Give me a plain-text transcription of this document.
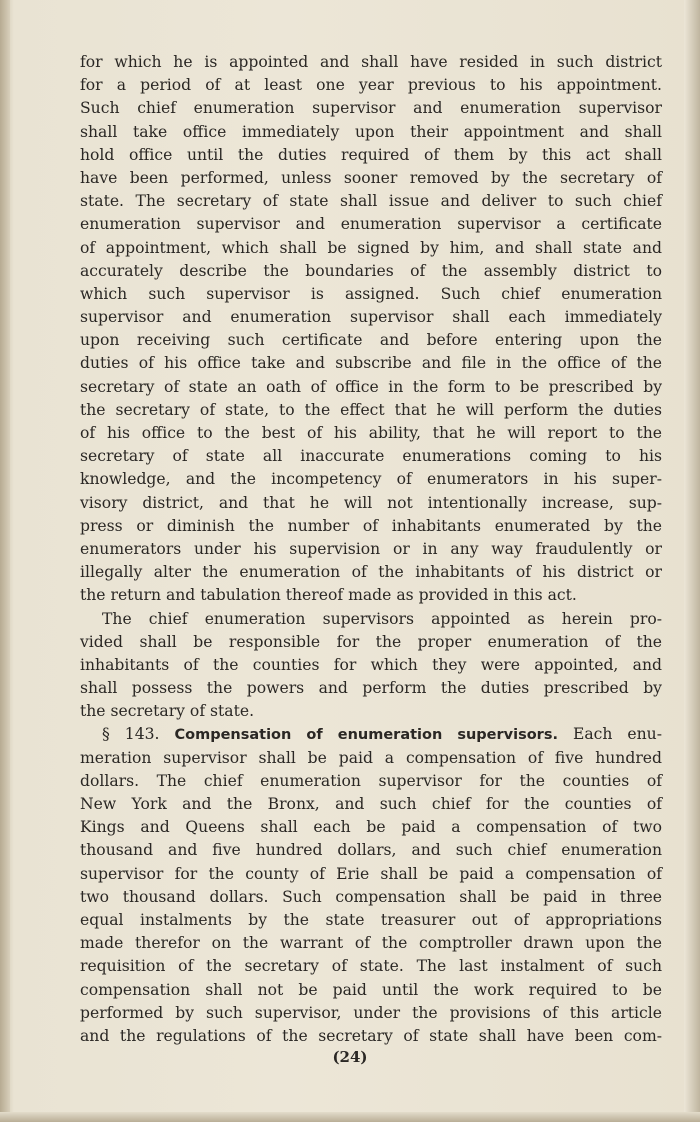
for which he is appointed and shall have resided in such district
for a period of at least one year previous to his appointment.
Such chief enumeration supervisor and enumeration supervisor
shall take office immediately upon their appointment and shall
hold office until the duties required of them by this act shall
have been performed, unless sooner removed by the secretary of
state. The secretary of state shall issue and deliver to such chief
enumeration supervisor and enumeration supervisor a certificate
of appointment, which shall be signed by him, and shall state and
accurately describe the boundaries of the assembly district to
which such supervisor is assigned. Such chief enumeration
supervisor and enumeration supervisor shall each immediately
upon receiving such certificate and before entering upon the
duties of his office take and subscribe and file in the office of the
secretary of state an oath of office in the form to be prescribed by
the secretary of state, to the effect that he will perform the duties
of his office to the best of his ability, that he will report to the
secretary of state all inaccurate enumerations coming to his
knowledge, and the incompetency of enumerators in his super-
visory district, and that he will not intentionally increase, sup-
press or diminish the number of inhabitants enumerated by the
enumerators under his supervision or in any way fraudulently or
illegally alter the enumeration of the inhabitants of his district or
the return and tabulation thereof made as provided in this act.
The chief enumeration supervisors appointed as herein pro-
vided shall be responsible for the proper enumeration of the
inhabitants of the counties for which they were appointed, and
shall possess the powers and perform the duties prescribed by
the secretary of state.
§ 143. Compensation of enumeration supervisors. Each enu-
meration supervisor shall be paid a compensation of five hundred
dollars. The chief enumeration supervisor for the counties of
New York and the Bronx, and such chief for the counties of
Kings and Queens shall each be paid a compensation of two
thousand and five hundred dollars, and such chief enumeration
supervisor for the county of Erie shall be paid a compensation of
two thousand dollars. Such compensation shall be paid in three
equal instalments by the state treasurer out of appropriations
made therefor on the warrant of the comptroller drawn upon the
requisition of the secretary of state. The last instalment of such
compensation shall not be paid until the work required to be
performed by such supervisor, under the provisions of this article
and the regulations of the secretary of state shall have been com-
(24)
